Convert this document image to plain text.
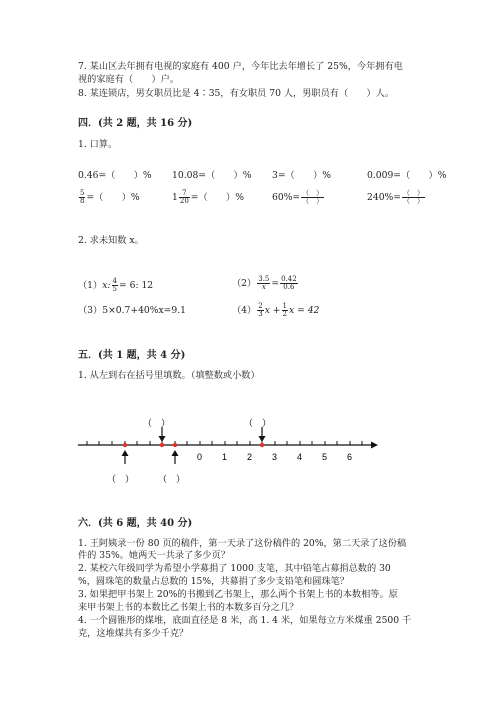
7. 某山区去年拥有电视的家庭有 400 户，今年比去年增长了 25%，今年拥有电
视的家庭有（　　）户。
8. 某连锁店，男女职员比是 4∶35，有女职员 70 人，男职员有（　　）人。
四．(共 2 题，共 16 分)
1. 口算。
0.46=（　　）% 10.08=（　　）% 3=（　　）%	0.009=（　　）%
$\frac{5}{8}$ =（　　）%	$1 \frac{7}{20}$ =（　　）%	$60\%= \frac{( )}{( )}$	$240\%= \frac{( )}{( )}$
2. 求未知数 x。
（1）x: $\frac{4}{5} = 6$: 12	$(2) \frac{3.5}{x} = \frac{0.42}{0.6}$
（3）5×0.7+40%x=9.1	$(4) \frac{2}{3}$ $x + \frac{1}{2}$ x = 42
五．(共 1 题，共 4 分)
1. 从左到右在括号里填数。（填整数或小数）
（　）	（　）
0 1 2 3 4 5 6
（　）	（　）
六．(共 6 题，共 40 分)
1. 王阿姨录一份 80 页的稿件，第一天录了这份稿件的 20%，第二天录了这份稿
件的 35%。她两天一共录了多少页？
2. 某校六年级同学为希望小学募捐了 1000 支笔，其中铅笔占募捐总数的 30
%，圆珠笔的数量占总数的 15%，共募捐了多少支铅笔和圆珠笔？
3. 如果把甲书架上 20%的书搬到乙书架上，那么两个书架上书的本数相等。原
来甲书架上书的本数比乙书架上书的本数多百分之几？
4. 一个圆锥形的煤堆，底面直径是 8 米，高 1. 4 米，如果每立方米煤重 2500 千
克，这堆煤共有多少千克？
